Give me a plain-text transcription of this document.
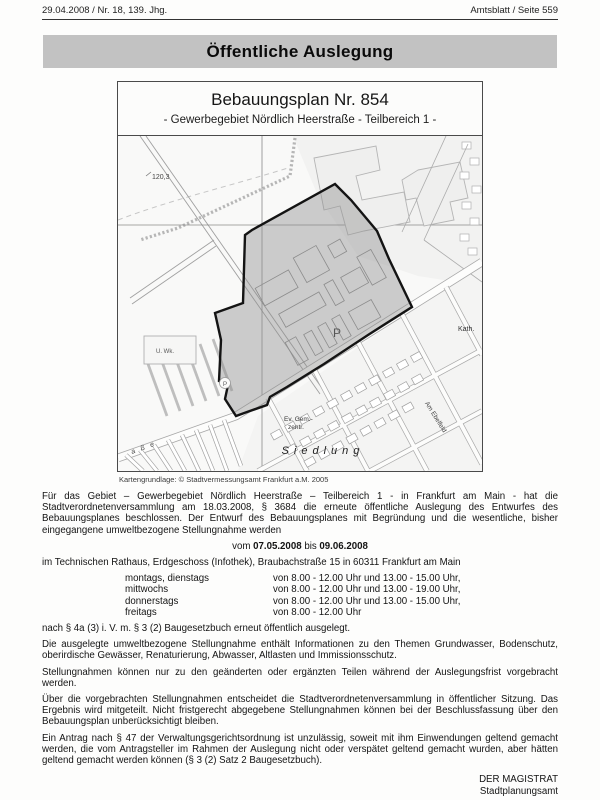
29.04.2008 / Nr. 18, 139. Jhg.	Amtsblatt / Seite 559
Öffentliche Auslegung
Bebauungsplan Nr. 854
- Gewerbegebiet Nördlich Heerstraße - Teilbereich 1 -
P
120,3
U. Wk.
P	Kath.
Ev. Gem.-
zentr.
Siedlung
Am Ebelfeld
a ß e
Kartengrundlage: © Stadtvermessungsamt Frankfurt a.M. 2005

Für das Gebiet – Gewerbegebiet Nördlich Heerstraße – Teilbereich 1 - in Frankfurt am Main - hat die Stadtverordnetenversammlung am 18.03.2008, § 3684 die erneute öffentliche Auslegung des Entwurfes des Bebauungsplanes beschlossen. Der Entwurf des Bebauungsplanes mit Begründung und die wesentliche, bisher eingegangene umweltbezogene Stellungnahme werden

vom 07.05.2008 bis 09.06.2008

im Technischen Rathaus, Erdgeschoss (Infothek), Braubachstraße 15 in 60311 Frankfurt am Main

montags, dienstags	von 8.00 - 12.00 Uhr und 13.00 - 15.00 Uhr,
mittwochs	von 8.00 - 12.00 Uhr und 13.00 - 19.00 Uhr,
donnerstags	von 8.00 - 12.00 Uhr und 13.00 - 15.00 Uhr,
freitags	von 8.00 - 12.00 Uhr

nach § 4a (3) i. V. m. § 3 (2) Baugesetzbuch erneut öffentlich ausgelegt.

Die ausgelegte umweltbezogene Stellungnahme enthält Informationen zu den Themen Grundwasser, Bodenschutz, oberirdische Gewässer, Renaturierung, Abwasser, Altlasten und Immissionsschutz.

Stellungnahmen können nur zu den geänderten oder ergänzten Teilen während der Auslegungsfrist vorgebracht werden.

Über die vorgebrachten Stellungnahmen entscheidet die Stadtverordnetenversammlung in öffentlicher Sitzung. Das Ergebnis wird mitgeteilt. Nicht fristgerecht abgegebene Stellungnahmen können bei der Beschlussfassung über den Bebauungsplan unberücksichtigt bleiben.

Ein Antrag nach § 47 der Verwaltungsgerichtsordnung ist unzulässig, soweit mit ihm Einwendungen geltend gemacht werden, die vom Antragsteller im Rahmen der Auslegung nicht oder verspätet geltend gemacht wurden, aber hätten geltend gemacht werden können (§ 3 (2) Satz 2 Baugesetzbuch).

DER MAGISTRAT
Stadtplanungsamt
